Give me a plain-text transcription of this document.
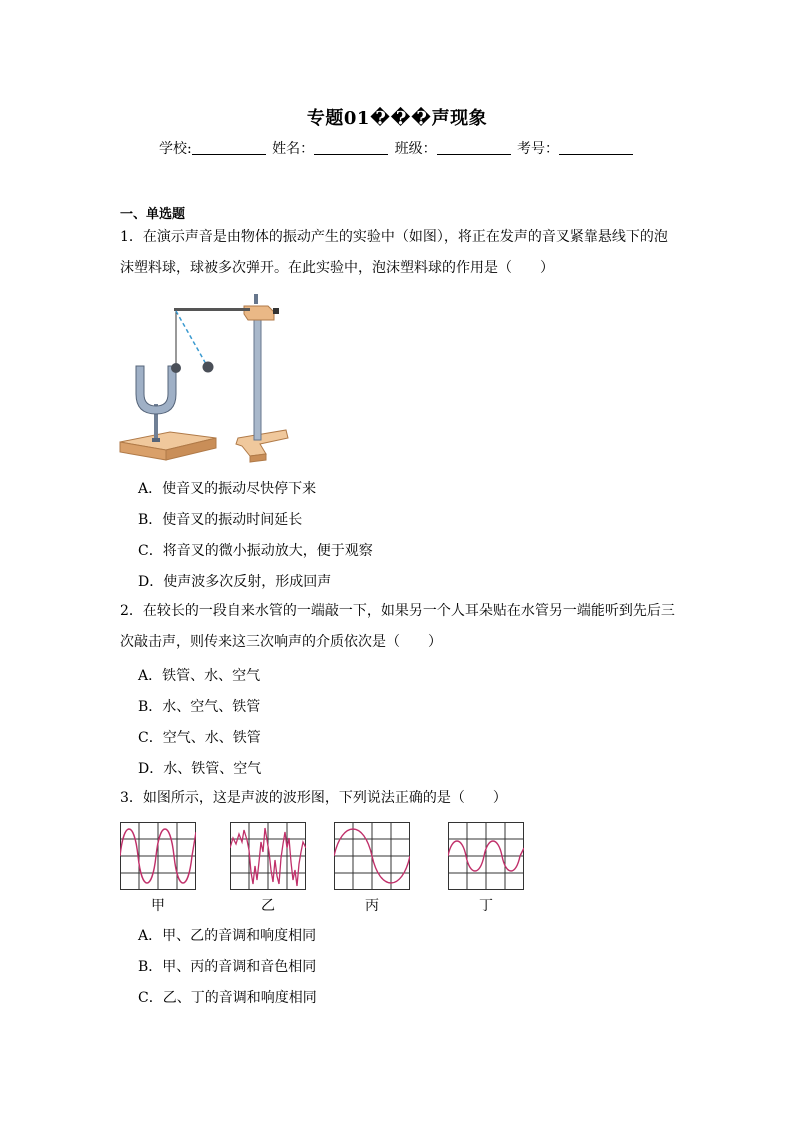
专题01���声现象
学校:	姓名：	班级：	考号：
一、单选题
1．在演示声音是由物体的振动产生的实验中（如图），将正在发声的音叉紧靠悬线下的泡沫塑料球，球被多次弹开。在此实验中，泡沫塑料球的作用是（　　）
A．使音叉的振动尽快停下来
B．使音叉的振动时间延长
C．将音叉的微小振动放大，便于观察
D．使声波多次反射，形成回声
2．在较长的一段自来水管的一端敲一下，如果另一个人耳朵贴在水管另一端能听到先后三次敲击声，则传来这三次响声的介质依次是（　　）
A．铁管、水、空气
B．水、空气、铁管
C．空气、水、铁管
D．水、铁管、空气
3．如图所示，这是声波的波形图，下列说法正确的是（　　）
甲	乙	丙	丁
A．甲、乙的音调和响度相同
B．甲、丙的音调和音色相同
C．乙、丁的音调和响度相同
